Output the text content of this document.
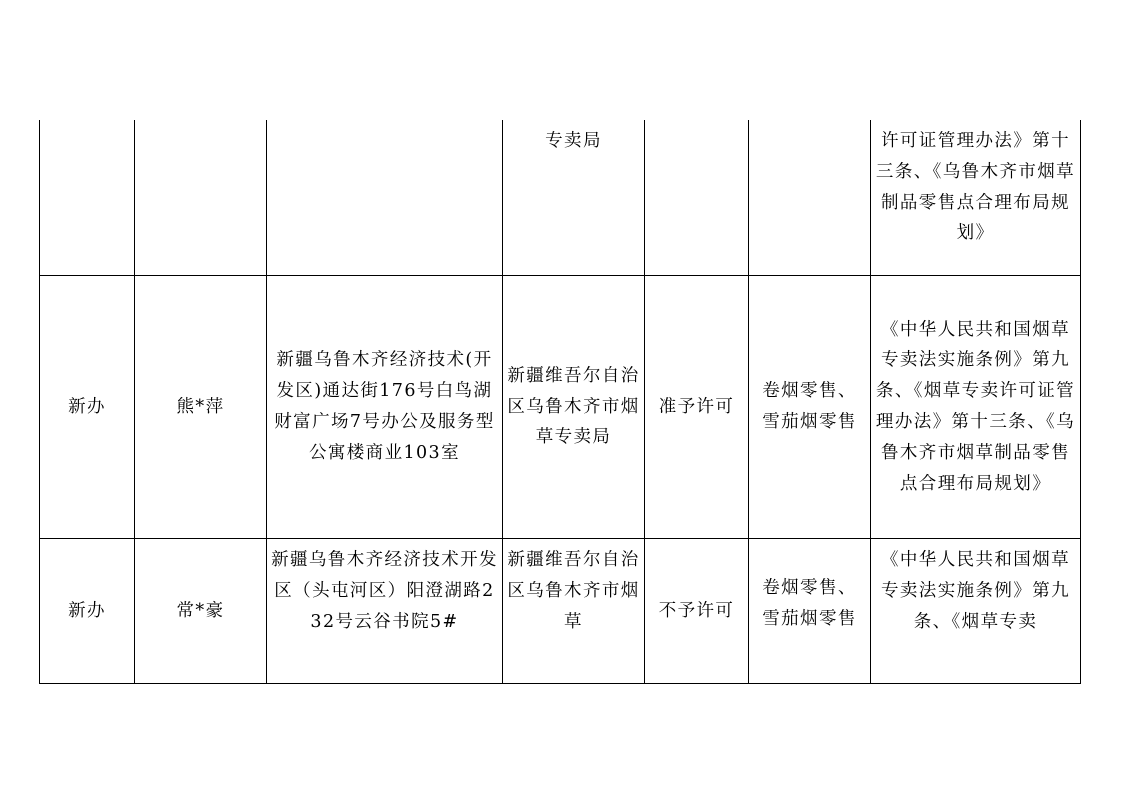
			专卖局			许可证管理办法》第十三条、《乌鲁木齐市烟草制品零售点合理布局规划》
新办	熊*萍	新疆乌鲁木齐经济技术(开发区)通达街176号白鸟湖财富广场7号办公及服务型公寓楼商业103室	新疆维吾尔自治区乌鲁木齐市烟草专卖局	准予许可	卷烟零售、雪茄烟零售	《中华人民共和国烟草专卖法实施条例》第九条、《烟草专卖许可证管理办法》第十三条、《乌鲁木齐市烟草制品零售点合理布局规划》
新办	常*豪	新疆乌鲁木齐经济技术开发区（头屯河区）阳澄湖路232号云谷书院5#	新疆维吾尔自治区乌鲁木齐市烟草	不予许可	卷烟零售、雪茄烟零售	《中华人民共和国烟草专卖法实施条例》第九条、《烟草专卖
